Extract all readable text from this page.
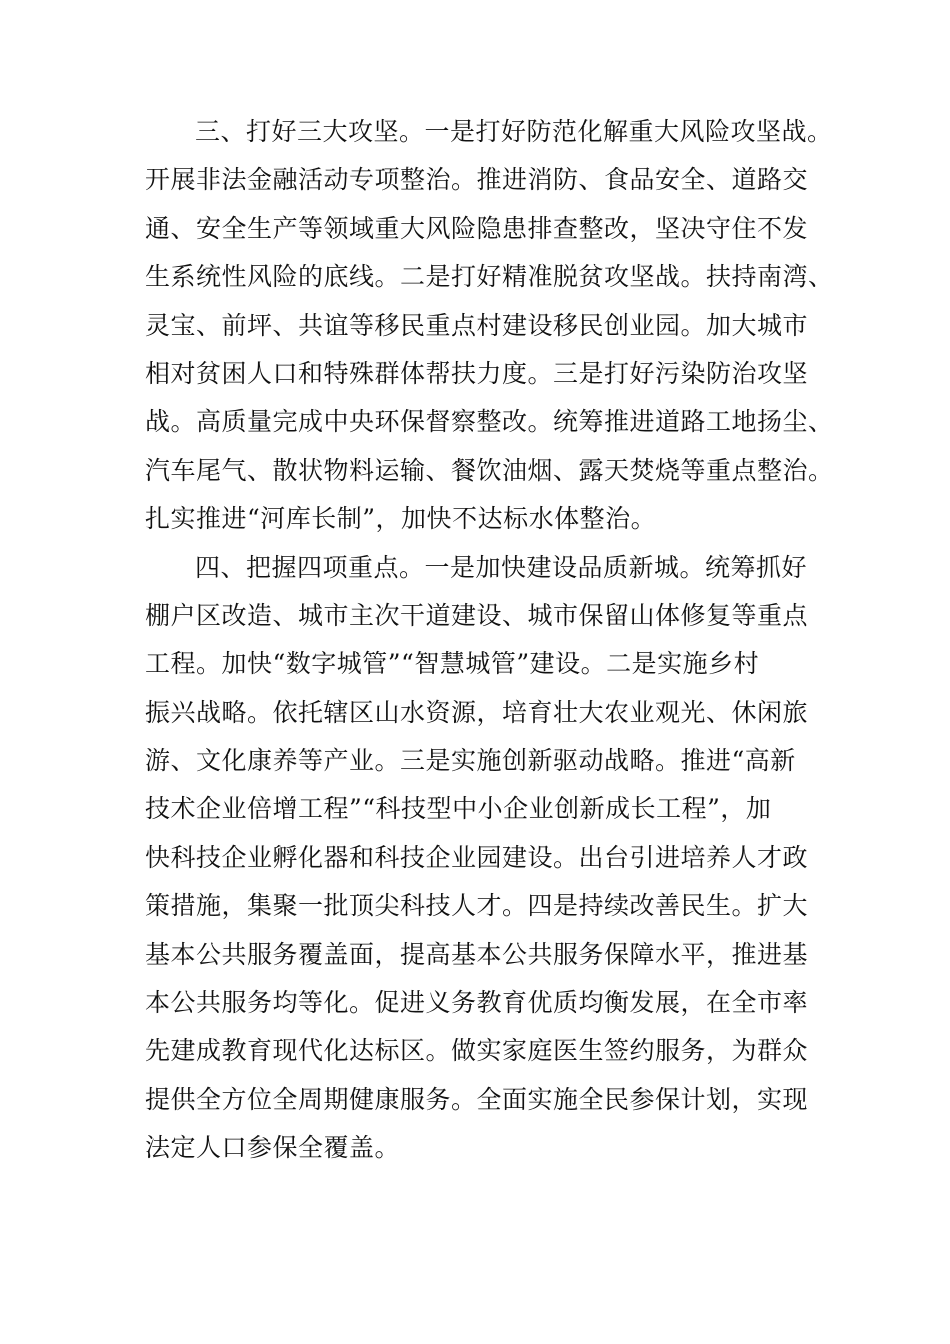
三、打好三大攻坚。一是打好防范化解重大风险攻坚战。
开展非法金融活动专项整治。推进消防、食品安全、道路交
通、安全生产等领域重大风险隐患排查整改，坚决守住不发
生系统性风险的底线。二是打好精准脱贫攻坚战。扶持南湾、
灵宝、前坪、共谊等移民重点村建设移民创业园。加大城市
相对贫困人口和特殊群体帮扶力度。三是打好污染防治攻坚
战。高质量完成中央环保督察整改。统筹推进道路工地扬尘、
汽车尾气、散状物料运输、餐饮油烟、露天焚烧等重点整治。
扎实推进“河库长制”，加快不达标水体整治。
四、把握四项重点。一是加快建设品质新城。统筹抓好
棚户区改造、城市主次干道建设、城市保留山体修复等重点
工程。加快“数字城管”“智慧城管”建设。二是实施乡村
振兴战略。依托辖区山水资源，培育壮大农业观光、休闲旅
游、文化康养等产业。三是实施创新驱动战略。推进“高新
技术企业倍增工程”“科技型中小企业创新成长工程”，加
快科技企业孵化器和科技企业园建设。出台引进培养人才政
策措施，集聚一批顶尖科技人才。四是持续改善民生。扩大
基本公共服务覆盖面，提高基本公共服务保障水平，推进基
本公共服务均等化。促进义务教育优质均衡发展，在全市率
先建成教育现代化达标区。做实家庭医生签约服务，为群众
提供全方位全周期健康服务。全面实施全民参保计划，实现
法定人口参保全覆盖。
